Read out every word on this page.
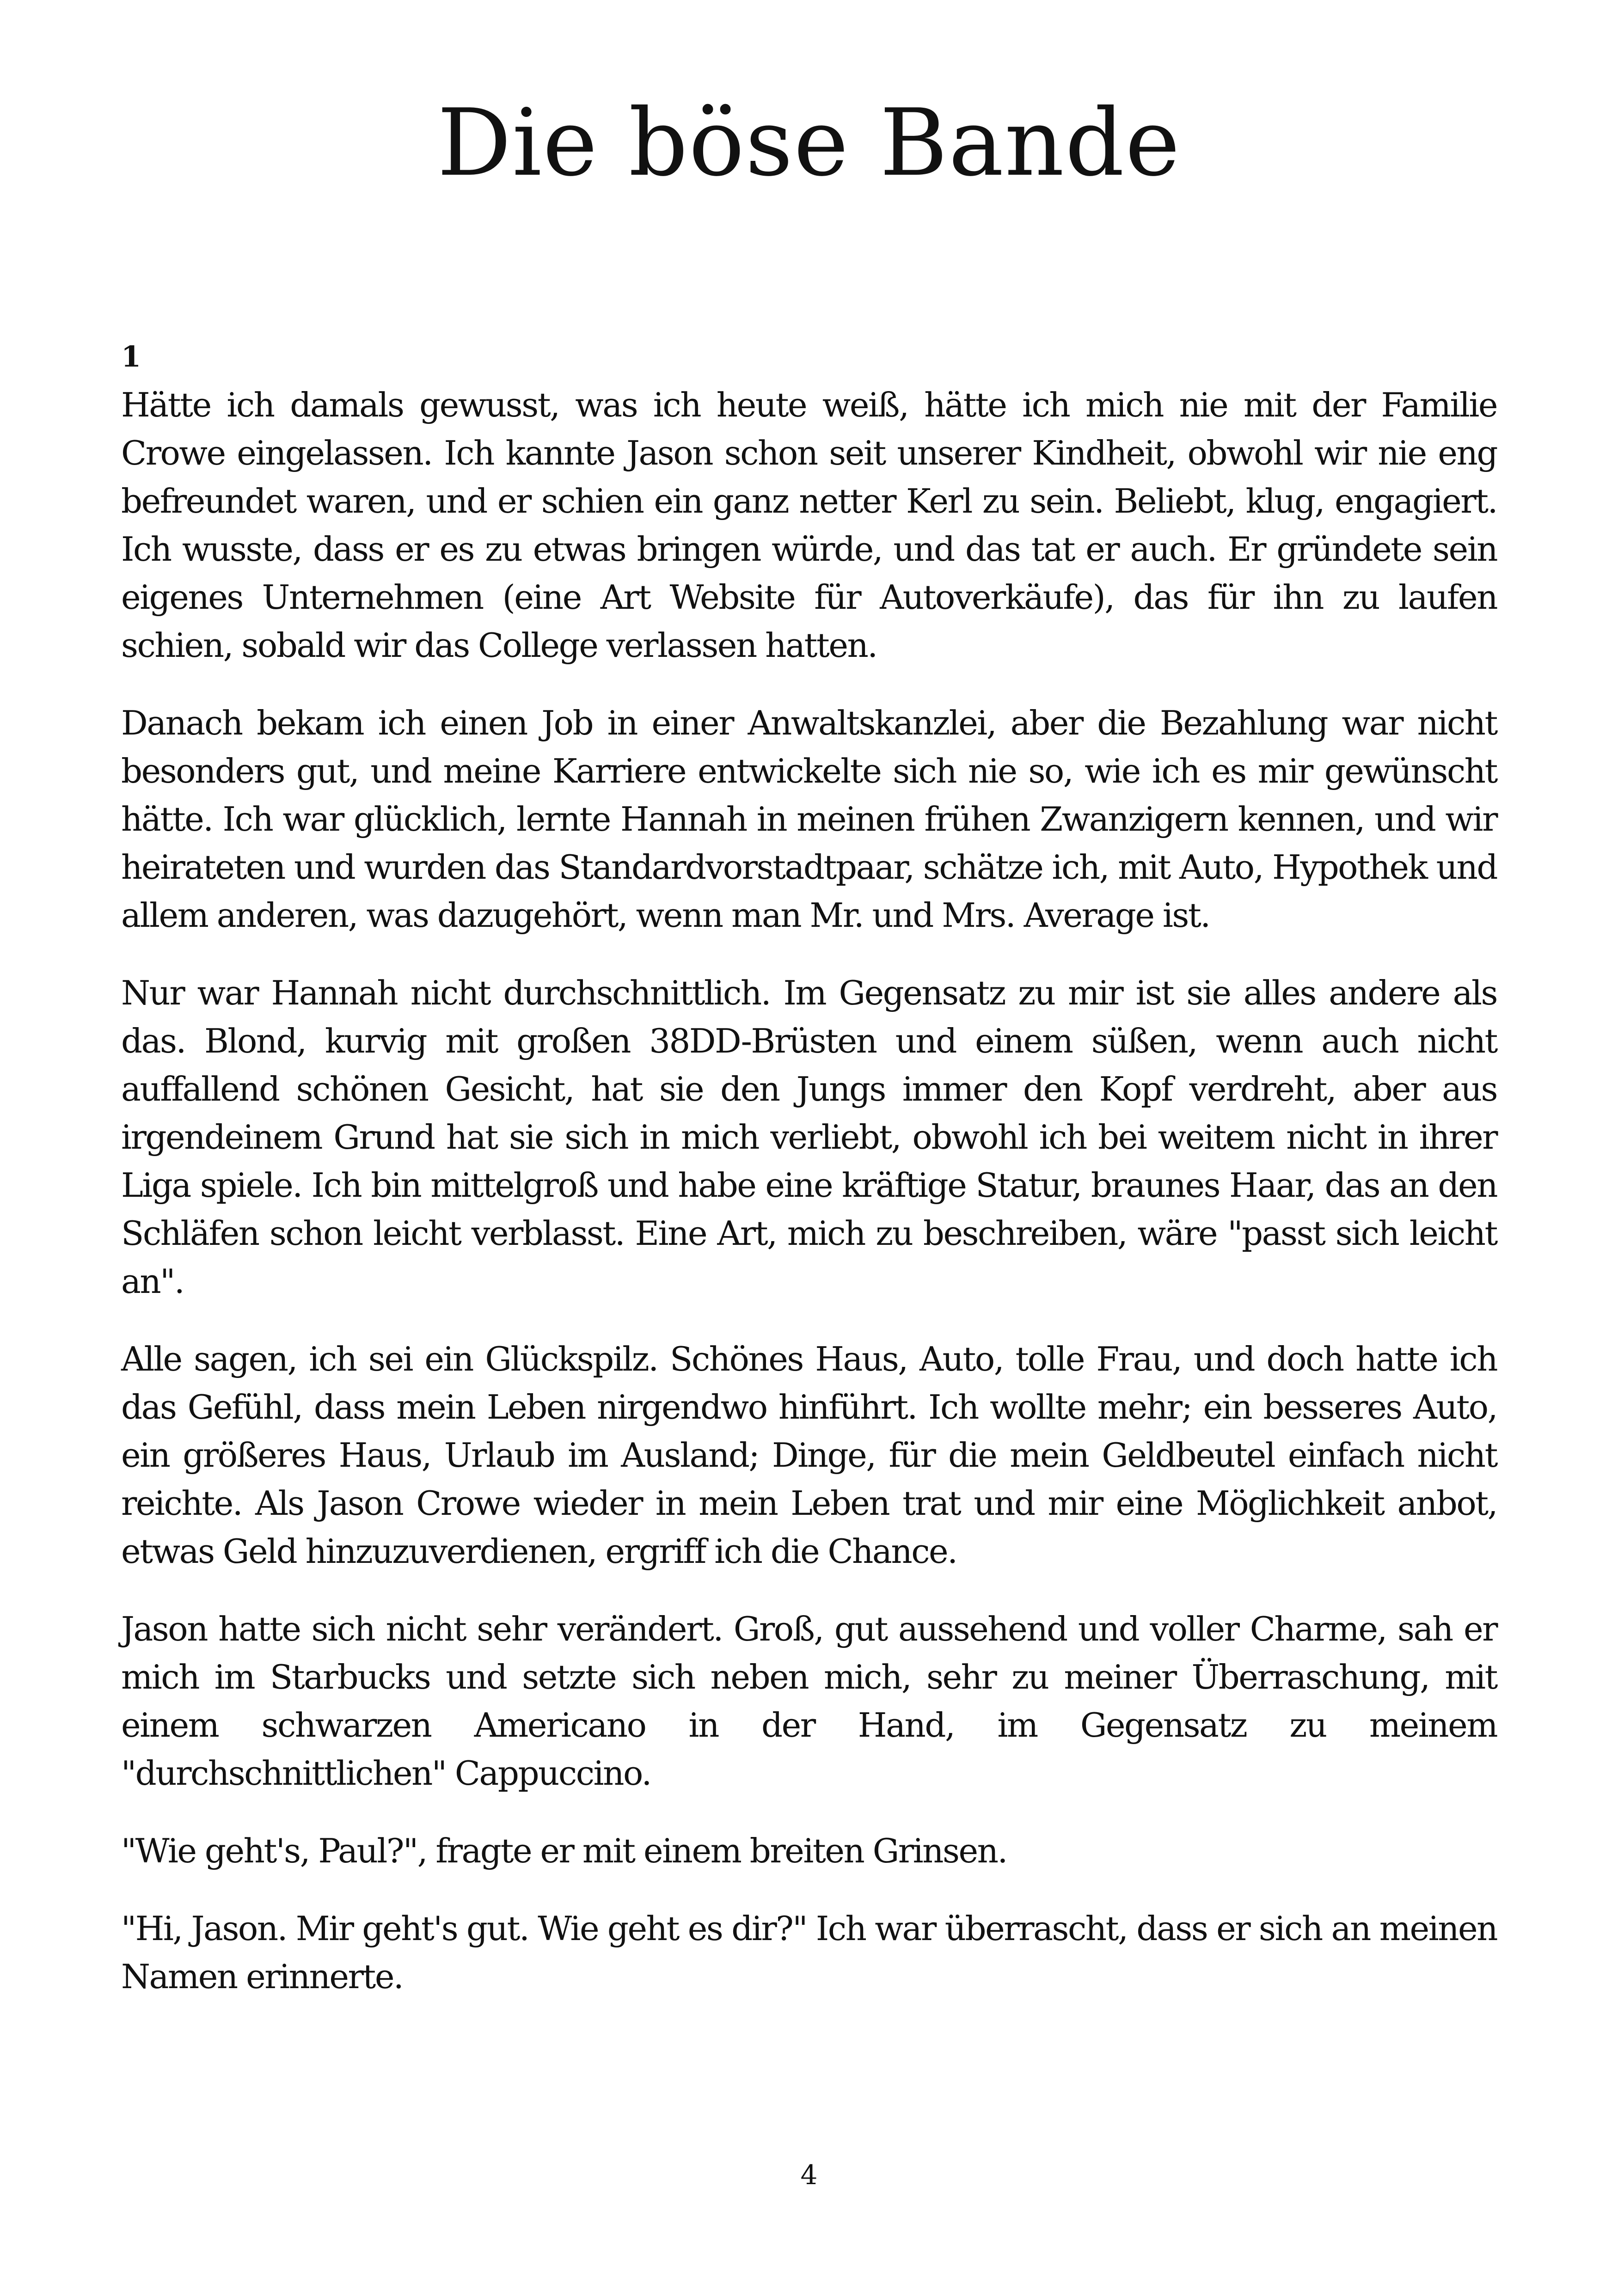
Die böse Bande

1

Hätte ich damals gewusst, was ich heute weiß, hätte ich mich nie mit der Familie Crowe eingelassen. Ich kannte Jason schon seit unserer Kindheit, obwohl wir nie eng befreundet waren, und er schien ein ganz netter Kerl zu sein. Beliebt, klug, engagiert. Ich wusste, dass er es zu etwas bringen würde, und das tat er auch. Er gründete sein eigenes Unternehmen (eine Art Website für Autoverkäufe), das für ihn zu laufen schien, sobald wir das College verlassen hatten.

Danach bekam ich einen Job in einer Anwaltskanzlei, aber die Bezahlung war nicht besonders gut, und meine Karriere entwickelte sich nie so, wie ich es mir gewünscht hätte. Ich war glücklich, lernte Hannah in meinen frühen Zwanzigern kennen, und wir heirateten und wurden das Standardvorstadtpaar, schätze ich, mit Auto, Hypothek und allem anderen, was dazugehört, wenn man Mr. und Mrs. Average ist.

Nur war Hannah nicht durchschnittlich. Im Gegensatz zu mir ist sie alles andere als das. Blond, kurvig mit großen 38DD-Brüsten und einem süßen, wenn auch nicht auffallend schönen Gesicht, hat sie den Jungs immer den Kopf verdreht, aber aus irgendeinem Grund hat sie sich in mich verliebt, obwohl ich bei weitem nicht in ihrer Liga spiele. Ich bin mittelgroß und habe eine kräftige Statur, braunes Haar, das an den Schläfen schon leicht verblasst. Eine Art, mich zu beschreiben, wäre "passt sich leicht an".

Alle sagen, ich sei ein Glückspilz. Schönes Haus, Auto, tolle Frau, und doch hatte ich das Gefühl, dass mein Leben nirgendwo hinführt. Ich wollte mehr; ein besseres Auto, ein größeres Haus, Urlaub im Ausland; Dinge, für die mein Geldbeutel einfach nicht reichte. Als Jason Crowe wieder in mein Leben trat und mir eine Möglichkeit anbot, etwas Geld hinzuzuverdienen, ergriff ich die Chance.

Jason hatte sich nicht sehr verändert. Groß, gut aussehend und voller Charme, sah er mich im Starbucks und setzte sich neben mich, sehr zu meiner Überraschung, mit einem schwarzen Americano in der Hand, im Gegensatz zu meinem "durchschnittlichen" Cappuccino.

"Wie geht's, Paul?", fragte er mit einem breiten Grinsen.

"Hi, Jason. Mir geht's gut. Wie geht es dir?" Ich war überrascht, dass er sich an meinen Namen erinnerte.

4
